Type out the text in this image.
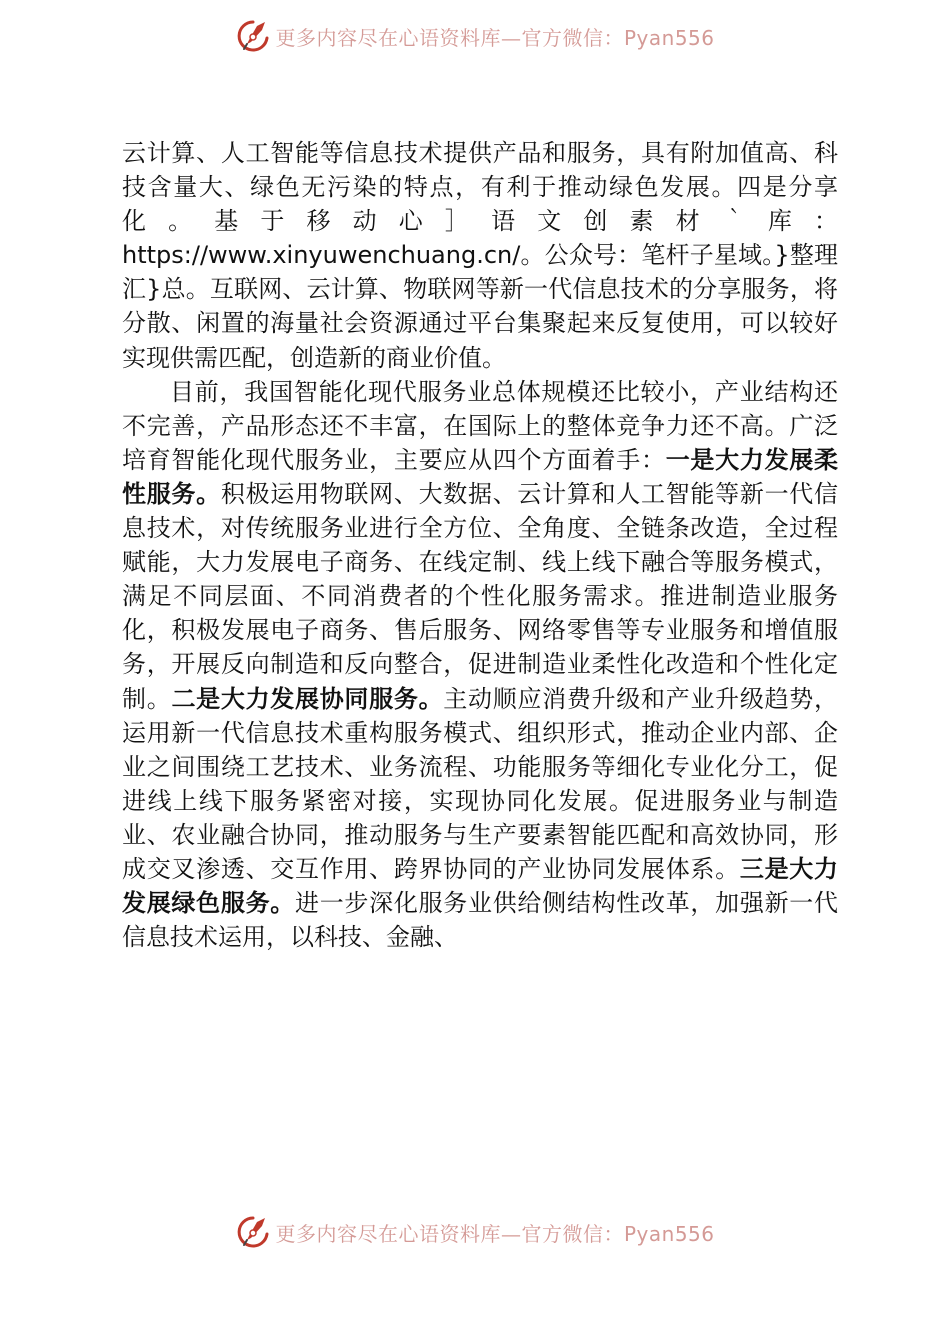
更多内容尽在心语资料库—官方微信：Pyan556

云计算、人工智能等信息技术提供产品和服务，具有附加值高、科技含量大、绿色无污染的特点，有利于推动绿色发展。四是分享化。基于移动心］语文创素材｀库：https://www.xinyuwenchuang.cn/。公众号：笔杆子星域。}整理汇}总。互联网、云计算、物联网等新一代信息技术的分享服务，将分散、闲置的海量社会资源通过平台集聚起来反复使用，可以较好实现供需匹配，创造新的商业价值。

目前，我国智能化现代服务业总体规模还比较小，产业结构还不完善，产品形态还不丰富，在国际上的整体竞争力还不高。广泛培育智能化现代服务业，主要应从四个方面着手：一是大力发展柔性服务。积极运用物联网、大数据、云计算和人工智能等新一代信息技术，对传统服务业进行全方位、全角度、全链条改造，全过程赋能，大力发展电子商务、在线定制、线上线下融合等服务模式，满足不同层面、不同消费者的个性化服务需求。推进制造业服务化，积极发展电子商务、售后服务、网络零售等专业服务和增值服务，开展反向制造和反向整合，促进制造业柔性化改造和个性化定制。二是大力发展协同服务。主动顺应消费升级和产业升级趋势，运用新一代信息技术重构服务模式、组织形式，推动企业内部、企业之间围绕工艺技术、业务流程、功能服务等细化专业化分工，促进线上线下服务紧密对接，实现协同化发展。促进服务业与制造业、农业融合协同，推动服务与生产要素智能匹配和高效协同，形成交叉渗透、交互作用、跨界协同的产业协同发展体系。三是大力发展绿色服务。进一步深化服务业供给侧结构性改革，加强新一代信息技术运用，以科技、金融、

更多内容尽在心语资料库—官方微信：Pyan556
